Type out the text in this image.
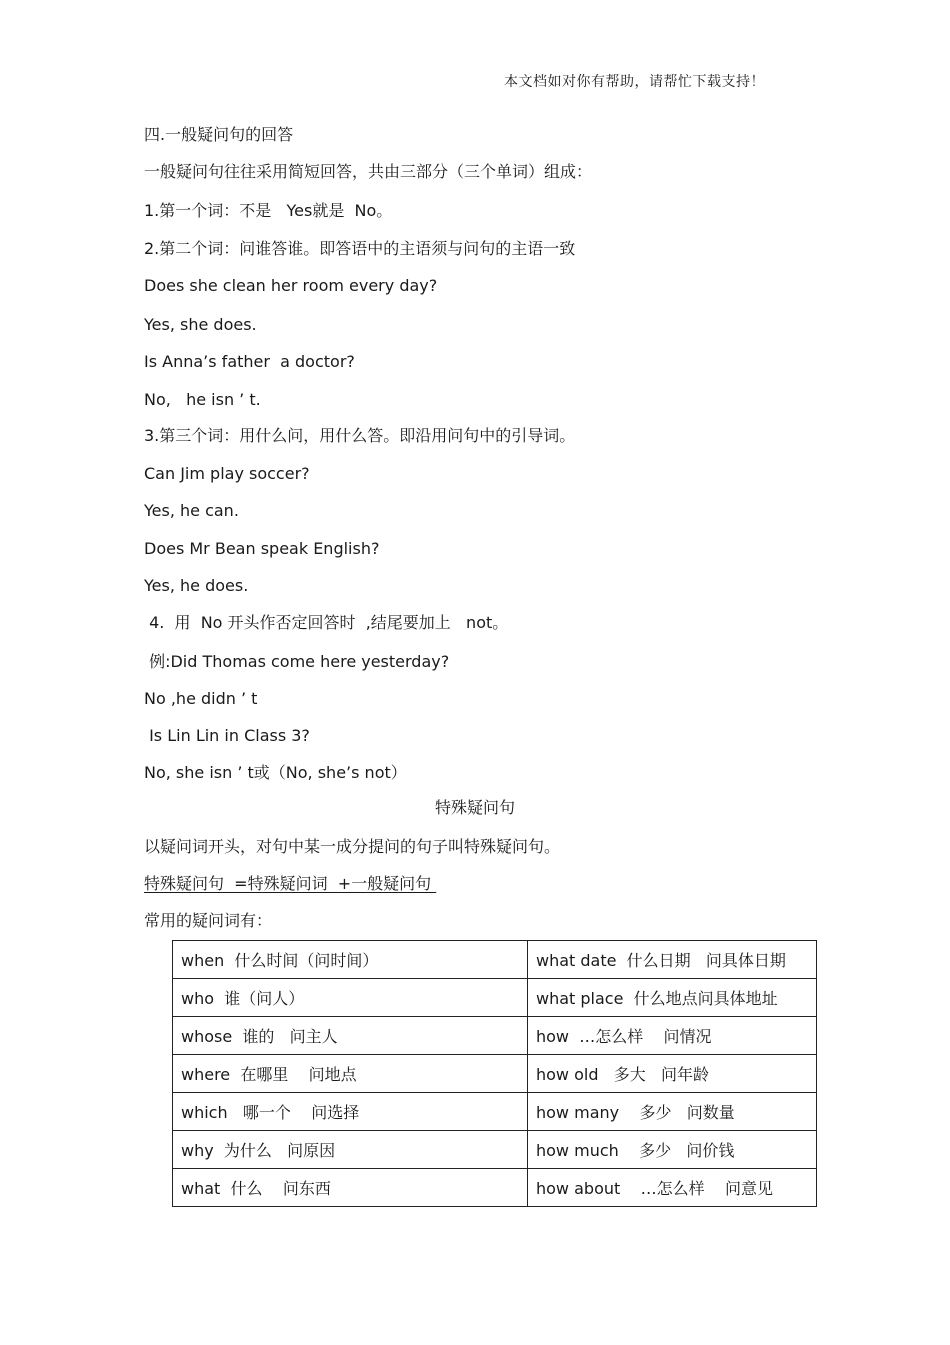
本文档如对你有帮助，请帮忙下载支持！
四.一般疑问句的回答
一般疑问句往往采用简短回答，共由三部分（三个单词）组成：
1.第一个词：不是   Yes就是  No。
2.第二个词：问谁答谁。即答语中的主语须与问句的主语一致
Does she clean her room every day?
Yes, she does.
Is Anna’s father  a doctor?
No,   he isn ’ t.
3.第三个词：用什么问，用什么答。即沿用问句中的引导词。
Can Jim play soccer?
Yes, he can.
Does Mr Bean speak English?
Yes, he does.
4.  用  No 开头作否定回答时  ,结尾要加上   not。
例:Did Thomas come here yesterday?
No ,he didn ’ t
Is Lin Lin in Class 3?
No, she isn ’ t或（No, she’s not）
特殊疑问句
以疑问词开头，对句中某一成分提问的句子叫特殊疑问句。
特殊疑问句  =特殊疑问词  +一般疑问句
常用的疑问词有：
when  什么时间（问时间）	what date  什么日期   问具体日期
who  谁（问人）	what place  什么地点问具体地址
whose  谁的   问主人	how  …怎么样    问情况
where  在哪里    问地点	how old   多大   问年龄
which   哪一个    问选择	how many    多少   问数量
why  为什么   问原因	how much    多少   问价钱
what  什么    问东西	how about    …怎么样    问意见
